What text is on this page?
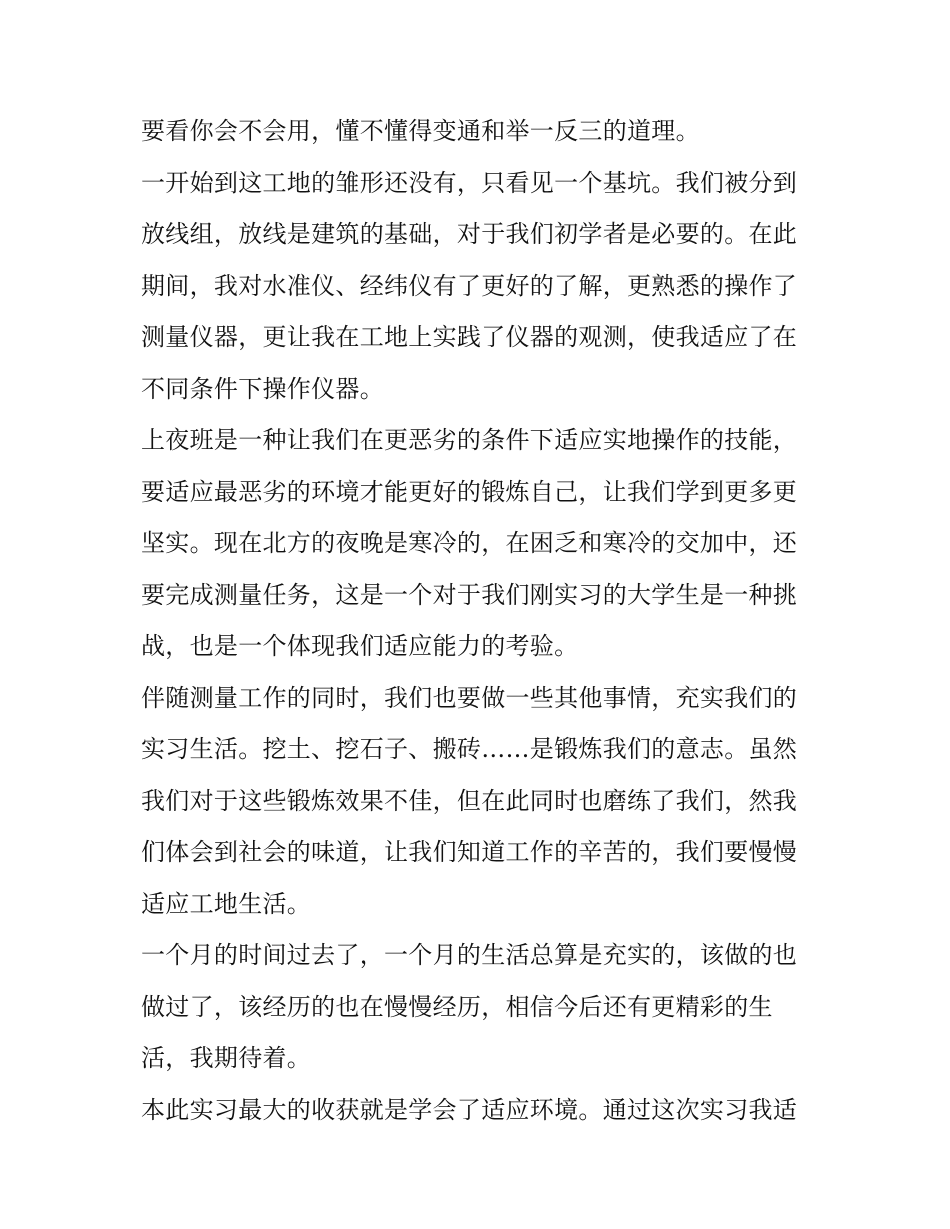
要看你会不会用，懂不懂得变通和举一反三的道理。

一开始到这工地的雏形还没有，只看见一个基坑。我们被分到
放线组，放线是建筑的基础，对于我们初学者是必要的。在此
期间，我对水准仪、经纬仪有了更好的了解，更熟悉的操作了
测量仪器，更让我在工地上实践了仪器的观测，使我适应了在
不同条件下操作仪器。

上夜班是一种让我们在更恶劣的条件下适应实地操作的技能，
要适应最恶劣的环境才能更好的锻炼自己，让我们学到更多更
坚实。现在北方的夜晚是寒冷的，在困乏和寒冷的交加中，还
要完成测量任务，这是一个对于我们刚实习的大学生是一种挑
战，也是一个体现我们适应能力的考验。

伴随测量工作的同时，我们也要做一些其他事情，充实我们的
实习生活。挖土、挖石子、搬砖……是锻炼我们的意志。虽然
我们对于这些锻炼效果不佳，但在此同时也磨练了我们，然我
们体会到社会的味道，让我们知道工作的辛苦的，我们要慢慢
适应工地生活。

一个月的时间过去了，一个月的生活总算是充实的，该做的也
做过了，该经历的也在慢慢经历，相信今后还有更精彩的生
活，我期待着。

本此实习最大的收获就是学会了适应环境。通过这次实习我适
